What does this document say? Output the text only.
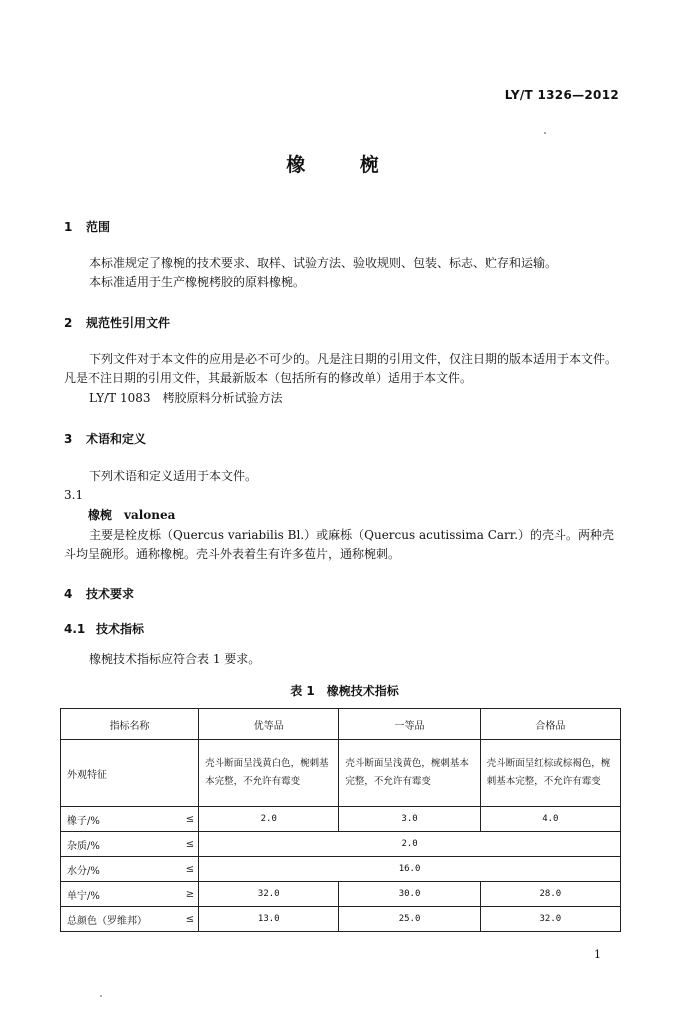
LY/T 1326—2012
橡 椀
1 范围
本标准规定了橡椀的技术要求、取样、试验方法、验收规则、包装、标志、贮存和运输。
本标准适用于生产橡椀栲胶的原料橡椀。
2 规范性引用文件
下列文件对于本文件的应用是必不可少的。凡是注日期的引用文件，仅注日期的版本适用于本文件。凡是不注日期的引用文件，其最新版本（包括所有的修改单）适用于本文件。
LY/T 1083　栲胶原料分析试验方法
3 术语和定义
下列术语和定义适用于本文件。
3.1
橡椀　valonea
主要是栓皮栎（Quercus variabilis Bl.）或麻栎（Quercus acutissima Carr.）的壳斗。两种壳斗均呈碗形。通称橡椀。壳斗外表着生有许多苞片，通称椀刺。
4 技术要求
4.1 技术指标
橡椀技术指标应符合表 1 要求。
表 1　橡椀技术指标
指标名称		优等品	一等品	合格品
外观特征		壳斗断面呈浅黄白色，椀刺基本完整，不允许有霉变	壳斗断面呈浅黄色，椀刺基本完整，不允许有霉变	壳斗断面呈红棕或棕褐色，椀刺基本完整，不允许有霉变
橡子/%	≤	2.0	3.0	4.0
杂质/%	≤	2.0		
水分/%	≤	16.0		
单宁/%	≥	32.0	30.0	28.0
总颜色（罗维邦）	≤	13.0	25.0	32.0
1
